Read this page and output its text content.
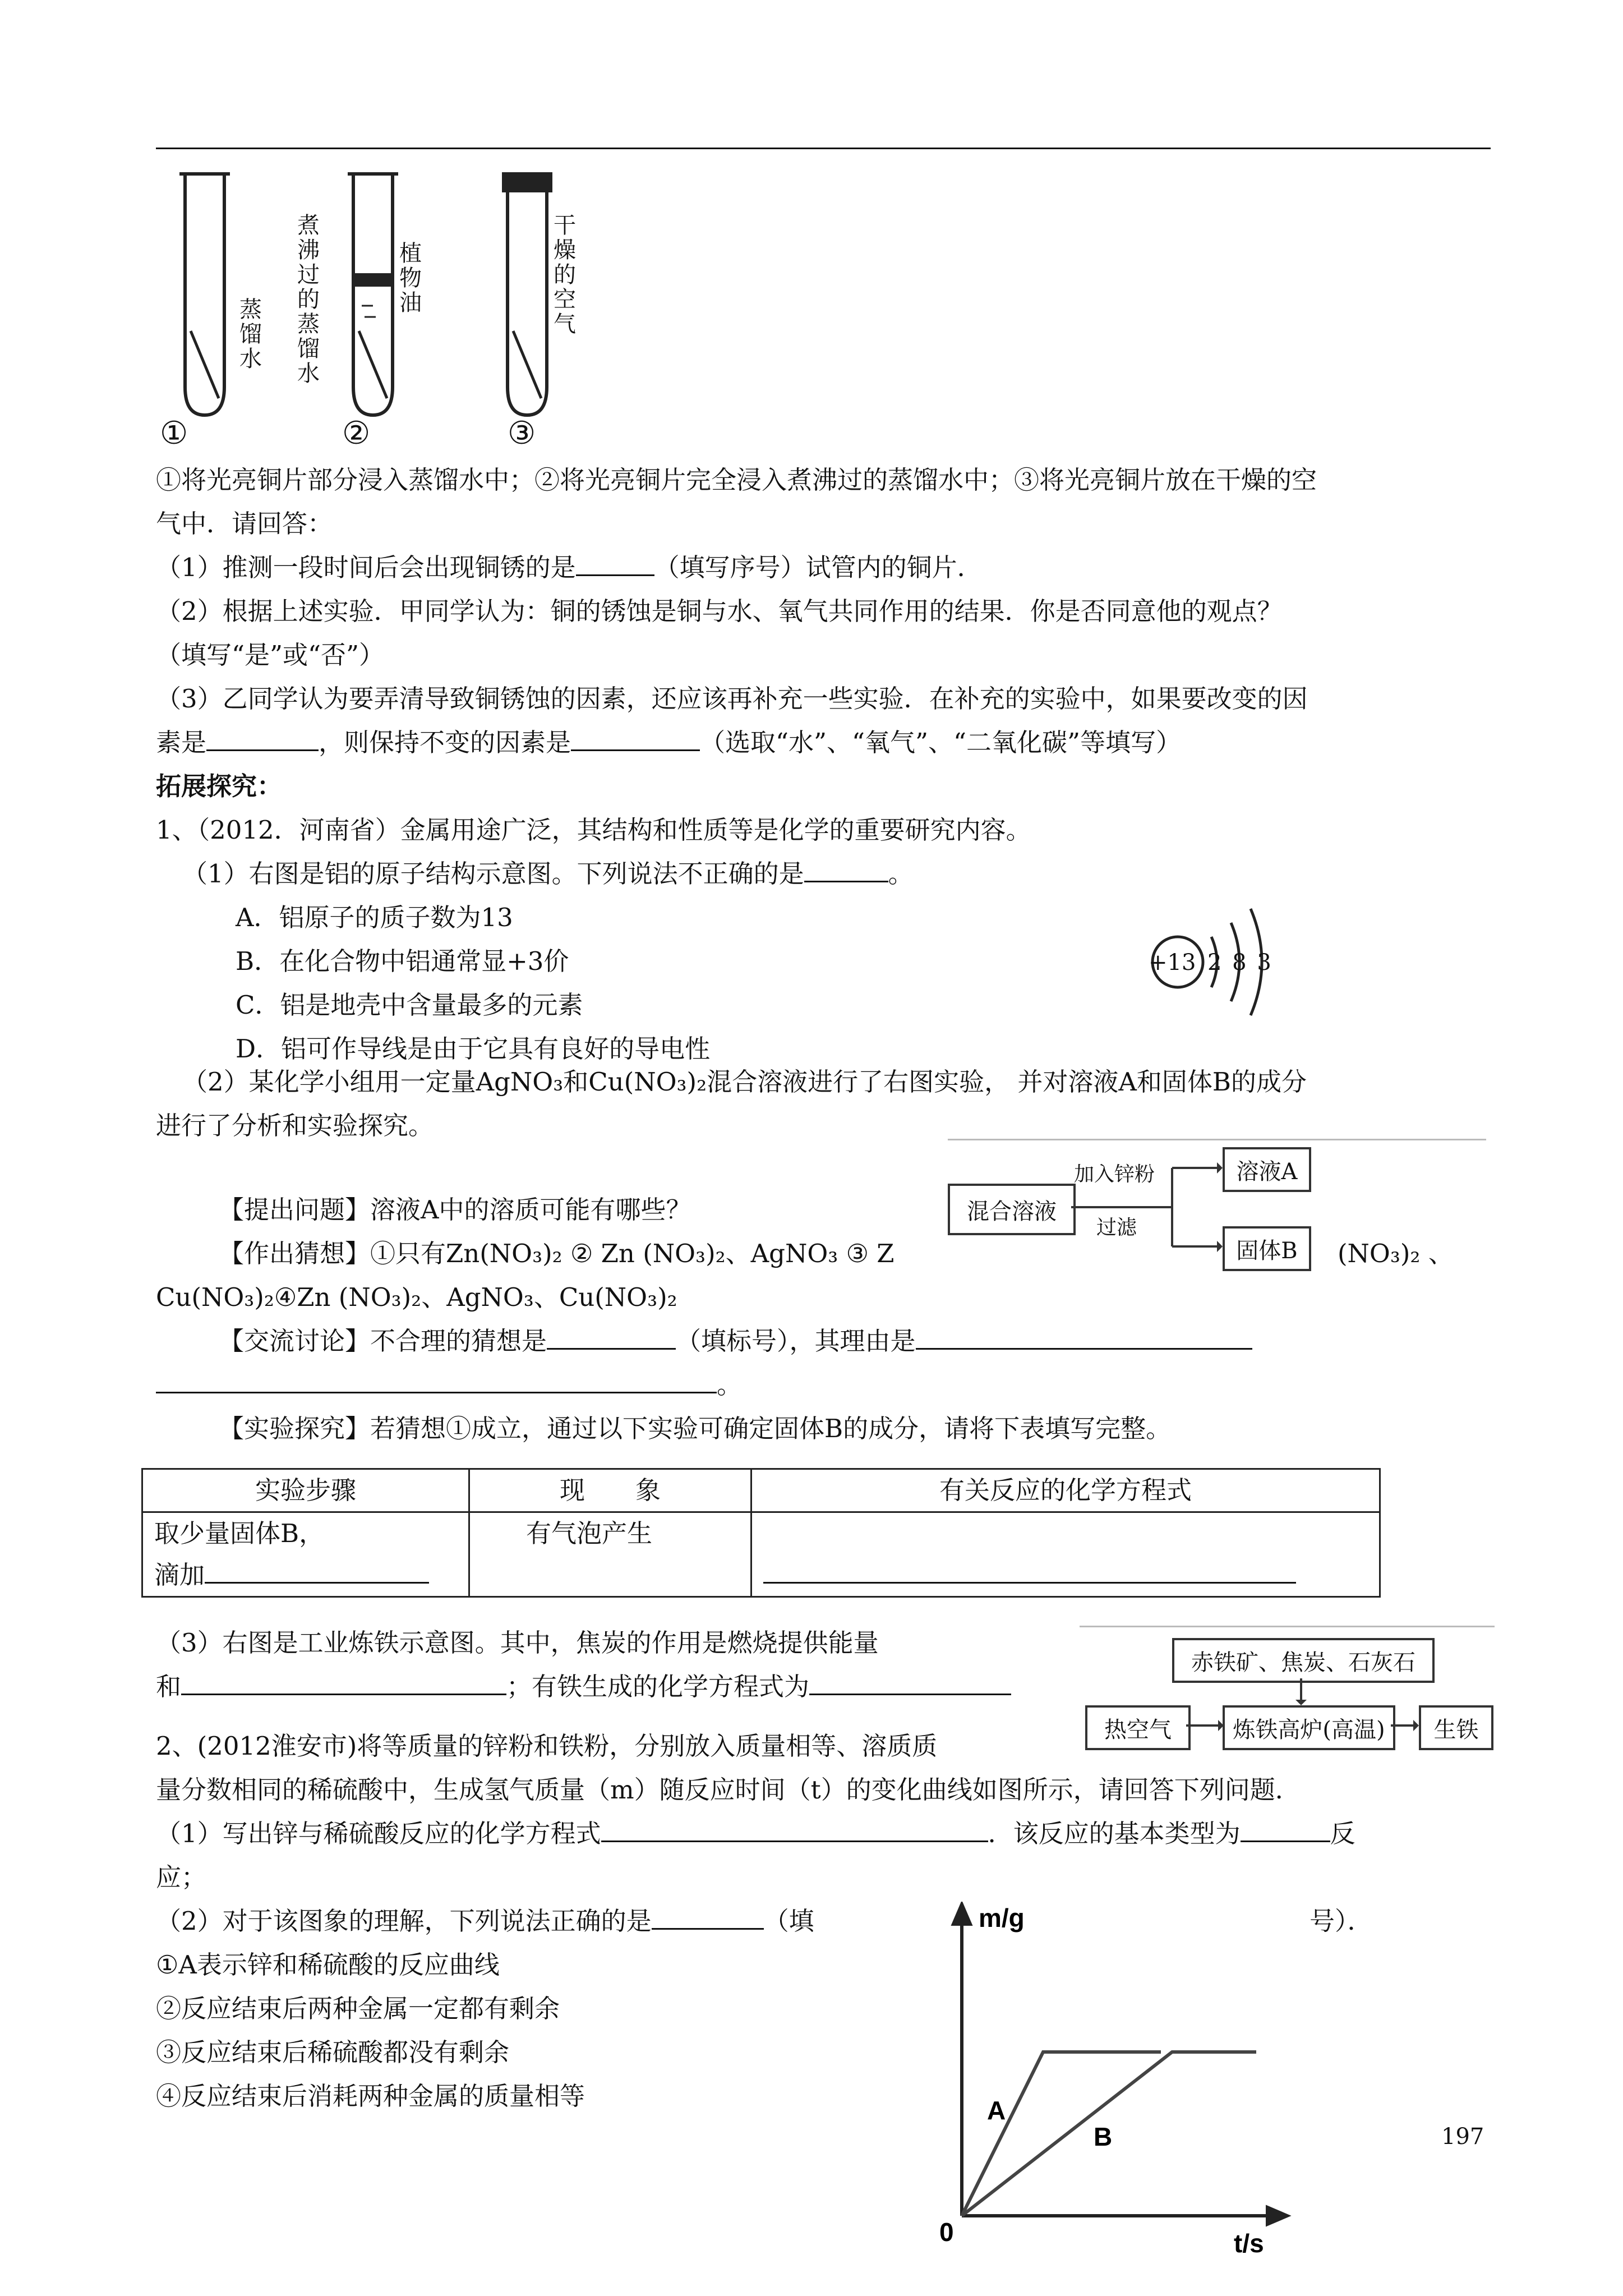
蒸馏水
煮沸过的蒸馏水
植物油
干燥的空气
①	②	③
①将光亮铜片部分浸入蒸馏水中；②将光亮铜片完全浸入煮沸过的蒸馏水中；③将光亮铜片放在干燥的空
气中．请回答：
（1）推测一段时间后会出现铜锈的是	（填写序号）试管内的铜片．
（2）根据上述实验．甲同学认为：铜的锈蚀是铜与水、氧气共同作用的结果．你是否同意他的观点？
（填写“是”或“否”）
（3）乙同学认为要弄清导致铜锈蚀的因素，还应该再补充一些实验．在补充的实验中，如果要改变的因
素是	，则保持不变的因素是	（选取“水”、“氧气”、“二氧化碳”等填写）
拓展探究：
1、（2012．河南省）金属用途广泛，其结构和性质等是化学的重要研究内容。
（1）右图是铝的原子结构示意图。下列说法不正确的是	。
A．铝原子的质子数为13
B．在化合物中铝通常显+3价
C．铝是地壳中含量最多的元素
D．铝可作导线是由于它具有良好的导电性
+13 2 8 3
（2）某化学小组用一定量AgNO₃和Cu(NO₃)₂混合溶液进行了右图实验， 并对溶液A和固体B的成分
进行了分析和实验探究。
混合溶液
加入锌粉
过滤
溶液A
固体B
【提出问题】溶液A中的溶质可能有哪些？
【作出猜想】①只有Zn(NO₃)₂ ② Zn (NO₃)₂、AgNO₃ ③ Z	(NO₃)₂ 、
Cu(NO₃)₂④Zn (NO₃)₂、AgNO₃、Cu(NO₃)₂
【交流讨论】不合理的猜想是	（填标号），其理由是
。
【实验探究】若猜想①成立，通过以下实验可确定固体B的成分，请将下表填写完整。
实验步骤	现　　象	有关反应的化学方程式

取少量固体B，
滴加	有气泡产生	
（3）右图是工业炼铁示意图。其中，焦炭的作用是燃烧提供能量
和	；有铁生成的化学方程式为
赤铁矿、焦炭、石灰石
热空气	炼铁高炉(高温)	生铁
2、(2012淮安市)将等质量的锌粉和铁粉，分别放入质量相等、溶质质
量分数相同的稀硫酸中，生成氢气质量（m）随反应时间（t）的变化曲线如图所示，请回答下列问题．
（1）写出锌与稀硫酸反应的化学方程式	．该反应的基本类型为	反
应；
（2）对于该图象的理解，下列说法正确的是	（填	号）．
①A表示锌和稀硫酸的反应曲线
②反应结束后两种金属一定都有剩余
③反应结束后稀硫酸都没有剩余
④反应结束后消耗两种金属的质量相等
m/g
t/s
0
A
B	197
